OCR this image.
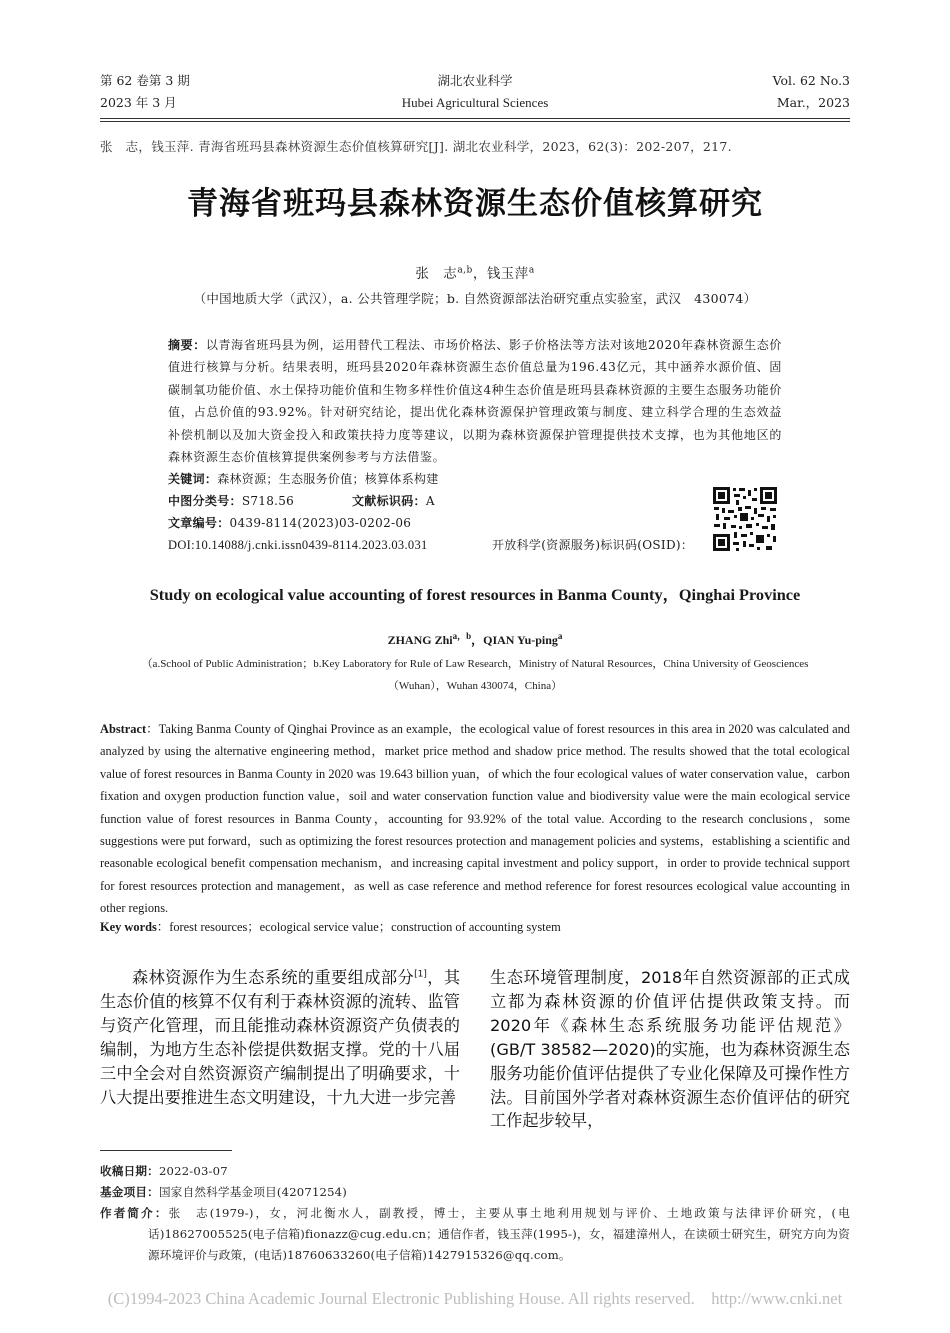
第 62 卷第 3 期
2023 年 3 月
湖北农业科学
Hubei Agricultural Sciences
Vol. 62 No.3
Mar.，2023
张　志，钱玉萍. 青海省班玛县森林资源生态价值核算研究[J]. 湖北农业科学，2023，62(3)：202-207，217.
青海省班玛县森林资源生态价值核算研究
张　志$^{a,b}$，钱玉萍$^a$
（中国地质大学（武汉），a. 公共管理学院；b. 自然资源部法治研究重点实验室，武汉　430074）
摘要：以青海省班玛县为例，运用替代工程法、市场价格法、影子价格法等方法对该地2020年森林资源生态价值进行核算与分析。结果表明，班玛县2020年森林资源生态价值总量为196.43亿元，其中涵养水源价值、固碳制氧功能价值、水土保持功能价值和生物多样性价值这4种生态价值是班玛县森林资源的主要生态服务功能价值，占总价值的93.92%。针对研究结论，提出优化森林资源保护管理政策与制度、建立科学合理的生态效益补偿机制以及加大资金投入和政策扶持力度等建议，以期为森林资源保护管理提供技术支撑，也为其他地区的森林资源生态价值核算提供案例参考与方法借鉴。
关键词：森林资源；生态服务价值；核算体系构建
中图分类号：S718.56	文献标识码：A
文章编号：0439-8114(2023)03-0202-06
DOI:10.14088/j.cnki.issn0439-8114.2023.03.031	开放科学(资源服务)标识码(OSID)：
Study on ecological value accounting of forest resources in Banma County，Qinghai Province
ZHANG Zhi$^{a,b}$，QIAN Yu-ping$^a$
（a.School of Public Administration；b.Key Laboratory for Rule of Law Research，Ministry of Natural Resources，China University of Geosciences
（Wuhan），Wuhan 430074，China）
Abstract：Taking Banma County of Qinghai Province as an example，the ecological value of forest resources in this area in 2020 was calculated and analyzed by using the alternative engineering method，market price method and shadow price method. The results showed that the total ecological value of forest resources in Banma County in 2020 was 19.643 billion yuan，of which the four ecological values of water conservation value，carbon fixation and oxygen production function value，soil and water conservation function value and biodiversity value were the main ecological service function value of forest resources in Banma County，accounting for 93.92% of the total value. According to the research conclusions，some suggestions were put forward，such as optimizing the forest resources protection and management policies and systems，establishing a scientific and reasonable ecological benefit compensation mechanism，and increasing capital investment and policy support，in order to provide technical support for forest resources protection and management，as well as case reference and method reference for forest resources ecological value accounting in other regions.
Key words：forest resources；ecological service value；construction of accounting system
森林资源作为生态系统的重要组成部分[1]，其生态价值的核算不仅有利于森林资源的流转、监管与资产化管理，而且能推动森林资源资产负债表的编制，为地方生态补偿提供数据支撑。党的十八届三中全会对自然资源资产编制提出了明确要求，十八大提出要推进生态文明建设，十九大进一步完善
生态环境管理制度，2018年自然资源部的正式成立都为森林资源的价值评估提供政策支持。而2020年《森林生态系统服务功能评估规范》(GB/T 38582—2020)的实施，也为森林资源生态服务功能价值评估提供了专业化保障及可操作性方法。目前国外学者对森林资源生态价值评估的研究工作起步较早，
收稿日期：2022-03-07
基金项目：国家自然科学基金项目(42071254)
作者简介：张　志(1979-)，女，河北衡水人，副教授，博士，主要从事土地利用规划与评价、土地政策与法律评价研究，(电话)18627005525(电子信箱)fionazz@cug.edu.cn；通信作者，钱玉萍(1995-)，女，福建漳州人，在读硕士研究生，研究方向为资源环境评价与政策，(电话)18760633260(电子信箱)1427915326@qq.com。
(C)1994-2023 China Academic Journal Electronic Publishing House. All rights reserved.　http://www.cnki.net
